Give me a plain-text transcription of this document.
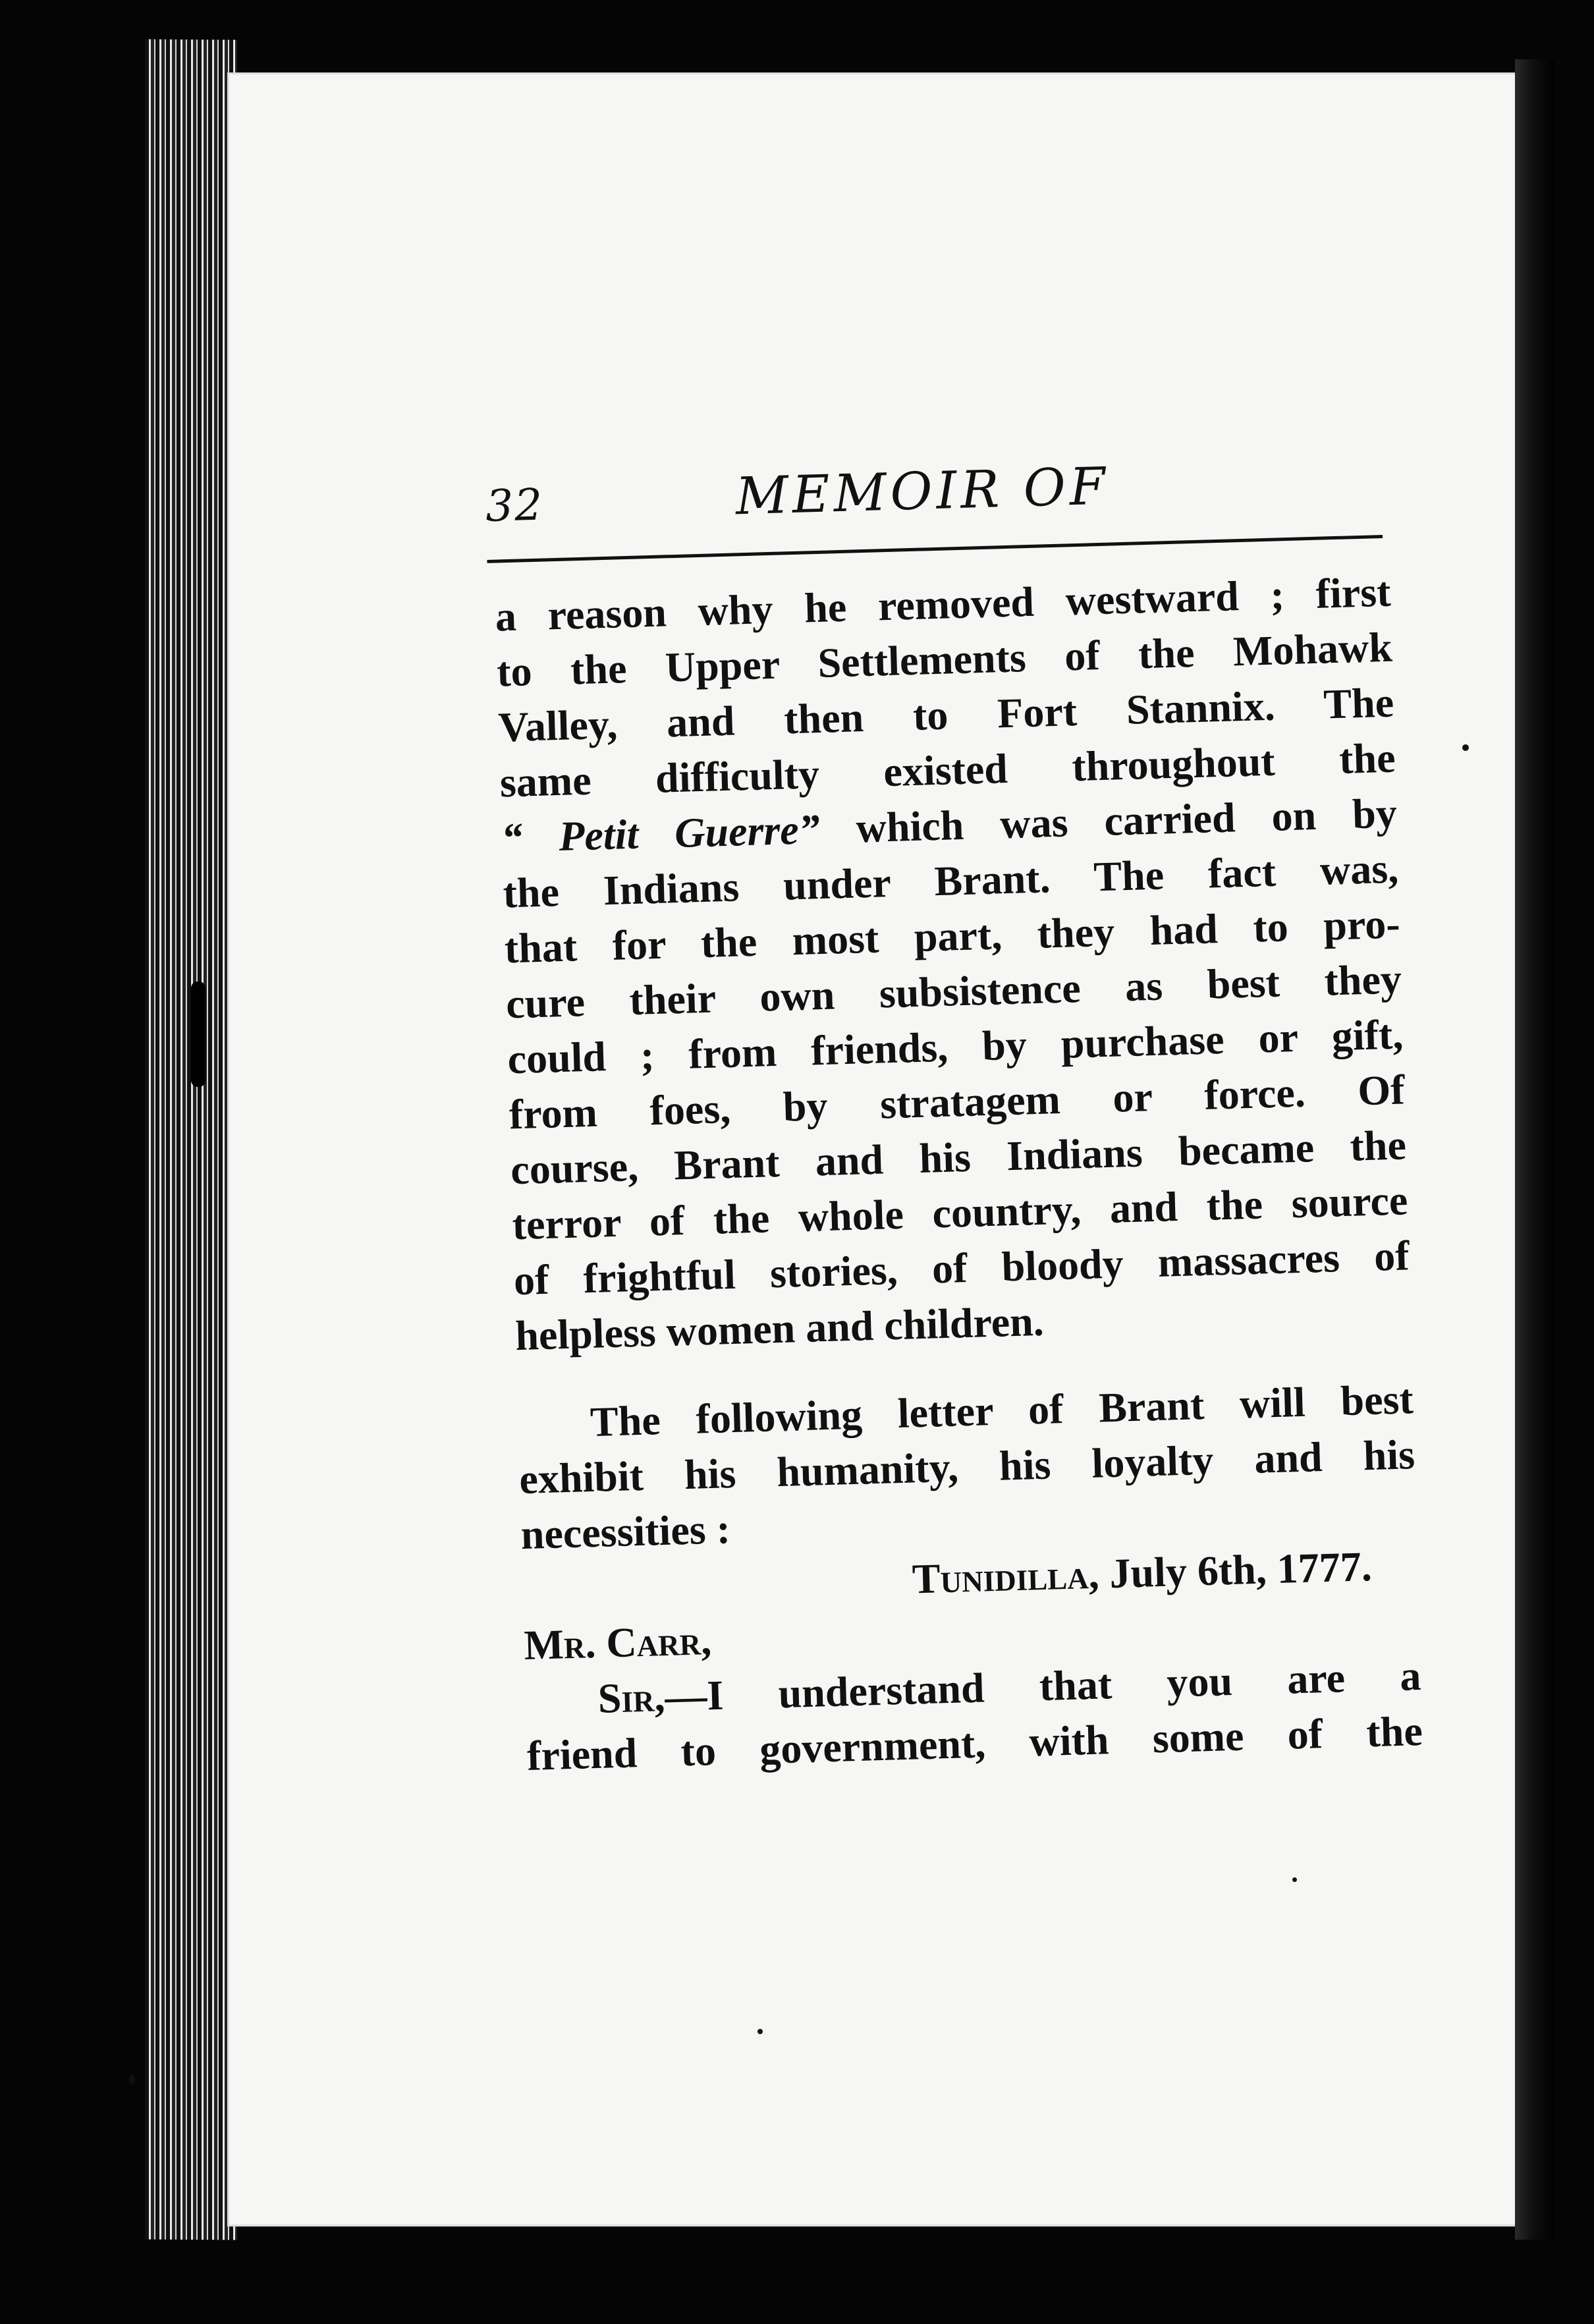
32	MEMOIR OF
a reason why he removed westward ; first
to the Upper Settlements of the Mohawk
Valley, and then to Fort Stannix. The
same difficulty existed throughout the
“ Petit Guerre” which was carried on by
the Indians under Brant. The fact was,
that for the most part, they had to pro-
cure their own subsistence as best they
could ; from friends, by purchase or gift,
from foes, by stratagem or force. Of
course, Brant and his Indians became the
terror of the whole country, and the source
of frightful stories, of bloody massacres of
helpless women and children.
The following letter of Brant will best
exhibit his humanity, his loyalty and his
necessities :
Tunidilla, July 6th, 1777.
Mr. Carr,
Sir,—I understand that you are a
friend to government, with some of the
